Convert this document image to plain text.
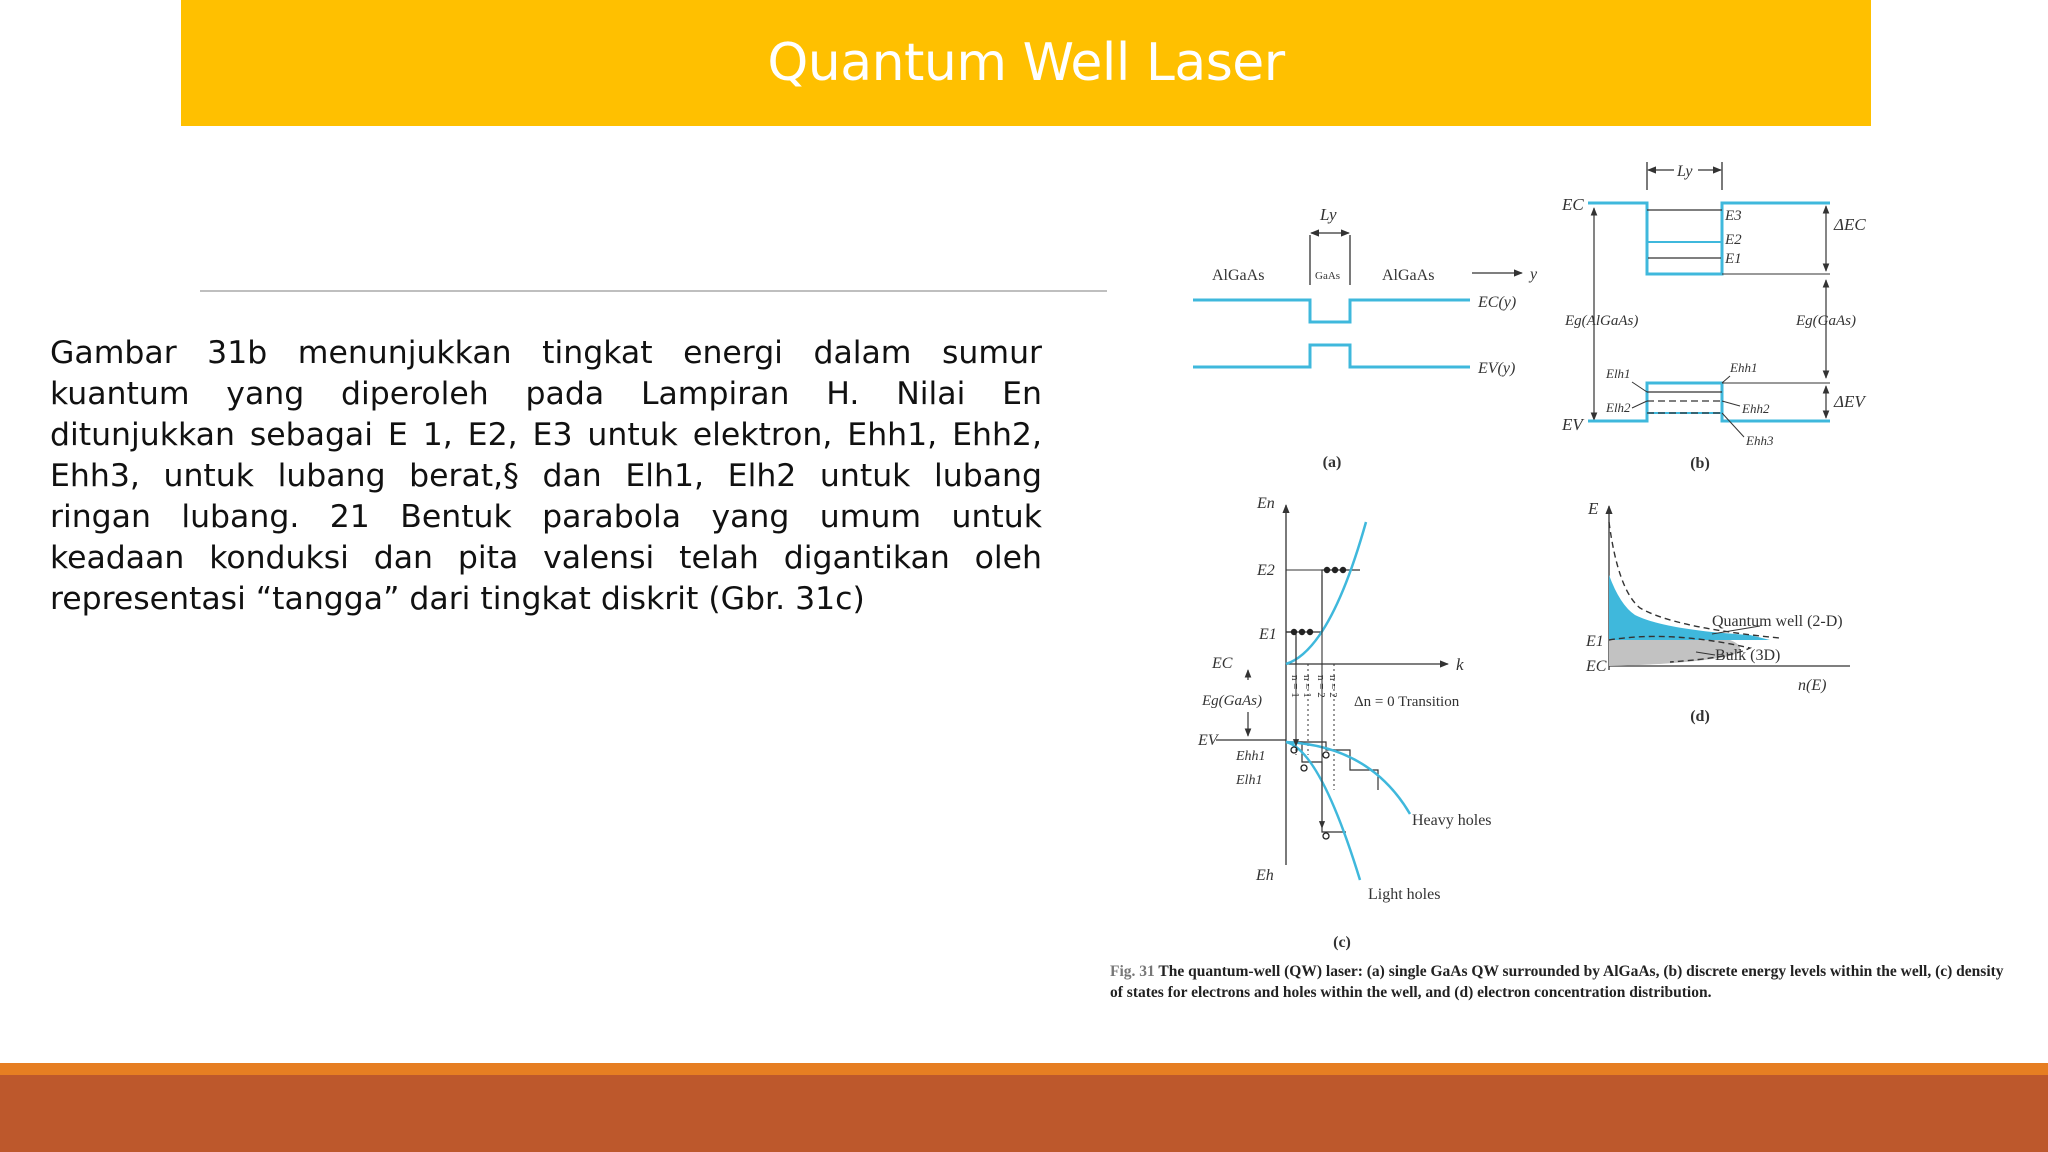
Quantum Well Laser

Gambar 31b menunjukkan tingkat energi dalam sumur kuantum yang diperoleh pada Lampiran H. Nilai En ditunjukkan sebagai E 1, E2, E3 untuk elektron, Ehh1, Ehh2, Ehh3, untuk lubang berat,§ dan Elh1, Elh2 untuk lubang ringan lubang. 21 Bentuk parabola yang umum untuk keadaan konduksi dan pita valensi telah digantikan oleh representasi “tangga” dari tingkat diskrit (Gbr. 31c)

Ly
AlGaAs	GaAs	AlGaAs	y
EC(y)
EV(y)
(a)
Ly
EC
E3
E2
E1
ΔEC
Eg(AlGaAs)	Eg(GaAs)
ΔEV
EV
Elh1
Elh2
Ehh1
Ehh2
Ehh3
(b)
k
En
E2
E1
EC
Eg(GaAs)
EV
Ehh1
Elh1
Eh
n = 1 n = 1 n = 2 n = 2
Δn = 0 Transition
Heavy holes
Light holes
(c)
E
E1
EC
Quantum well (2-D)
Bulk (3D)
n(E)
(d)
Fig. 31 The quantum-well (QW) laser: (a) single GaAs QW surrounded by AlGaAs, (b) discrete energy levels within the well, (c) density of states for electrons and holes within the well, and (d) electron concentration distribution.
